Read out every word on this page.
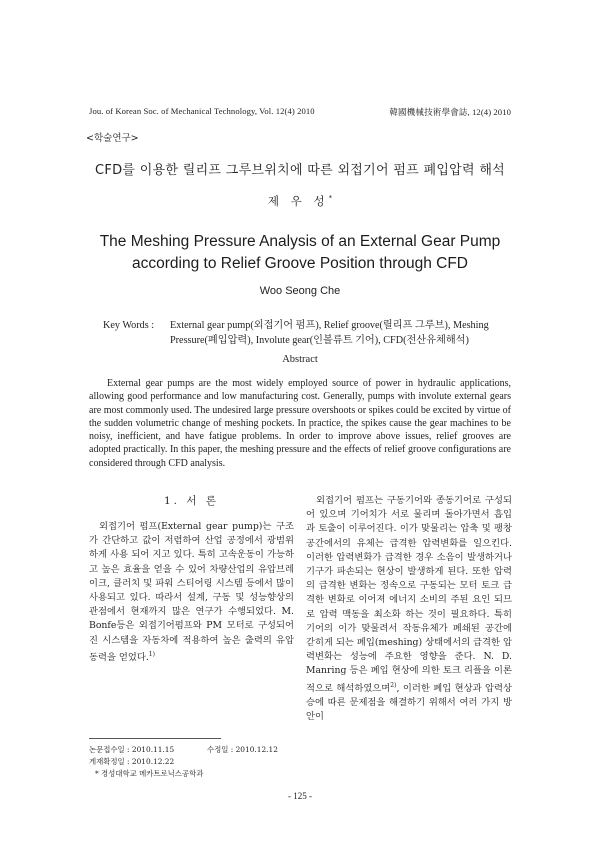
Jou. of Korean Soc. of Mechanical Technology, Vol. 12(4) 2010	韓國機械技術學會誌, 12(4) 2010
<학술연구>
CFD를 이용한 릴리프 그루브위치에 따른 외접기어 펌프 폐입압력 해석
제 우 성*
The Meshing Pressure Analysis of an External Gear Pump
according to Relief Groove Position through CFD
Woo Seong Che
Key Words : External gear pump(외접기어 펌프), Relief groove(릴리프 그루브), Meshing Pressure(폐입압력), Involute gear(인볼류트 기어), CFD(전산유체해석)
Abstract
External gear pumps are the most widely employed source of power in hydraulic applications, allowing good performance and low manufacturing cost. Generally, pumps with involute external gears are most commonly used. The undesired large pressure overshoots or spikes could be excited by virtue of the sudden volumetric change of meshing pockets. In practice, the spikes cause the gear machines to be noisy, inefficient, and have fatigue problems. In order to improve above issues, relief grooves are adopted practically. In this paper, the meshing pressure and the effects of relief groove configurations are considered through CFD analysis.
1. 서 론
외접기어 펌프(External gear pump)는 구조가 간단하고 값이 저렴하여 산업 공정에서 광범위하게 사용 되어 지고 있다. 특히 고속운동이 가능하고 높은 효율을 얻을 수 있어 차량산업의 유압브레이크, 클러치 및 파워 스티어링 시스템 등에서 많이 사용되고 있다. 따라서 설계, 구동 및 성능향상의 관점에서 현재까지 많은 연구가 수행되었다. M. Bonfe등은 외접기어펌프와 PM 모터로 구성되어진 시스템을 자동차에 적용하여 높은 출력의 유압동력을 얻었다.$^{1)}$
외접기어 펌프는 구동기어와 종동기어로 구성되어 있으며 기어치가 서로 물리며 돌아가면서 흡입과 토출이 이루어진다. 이가 맞물리는 압축 및 팽창공간에서의 유체는 급격한 압력변화를 일으킨다. 이러한 압력변화가 급격한 경우 소음이 발생하거나 기구가 파손되는 현상이 발생하게 된다. 또한 압력의 급격한 변화는 정속으로 구동되는 모터 토크 급격한 변화로 이어져 에너지 소비의 주된 요인 되므로 압력 맥동을 최소화 하는 것이 필요하다. 특히 기어의 이가 맞물려서 작동유체가 폐쇄된 공간에 갇히게 되는 폐입(meshing) 상태에서의 급격한 압력변화는 성능에 주요한 영향을 준다. N. D. Manring 등은 폐입 현상에 의한 토크 리플을 이론적으로 해석하였으며$^{2)}$, 이러한 폐입 현상과 압력상승에 따른 문제점을 해결하기 위해서 여러 가지 방안이
논문접수일 : 2010.11.15	수정일 : 2010.12.12
게재확정일 : 2010.12.22
* 경성대학교 메카트로닉스공학과
- 125 -
